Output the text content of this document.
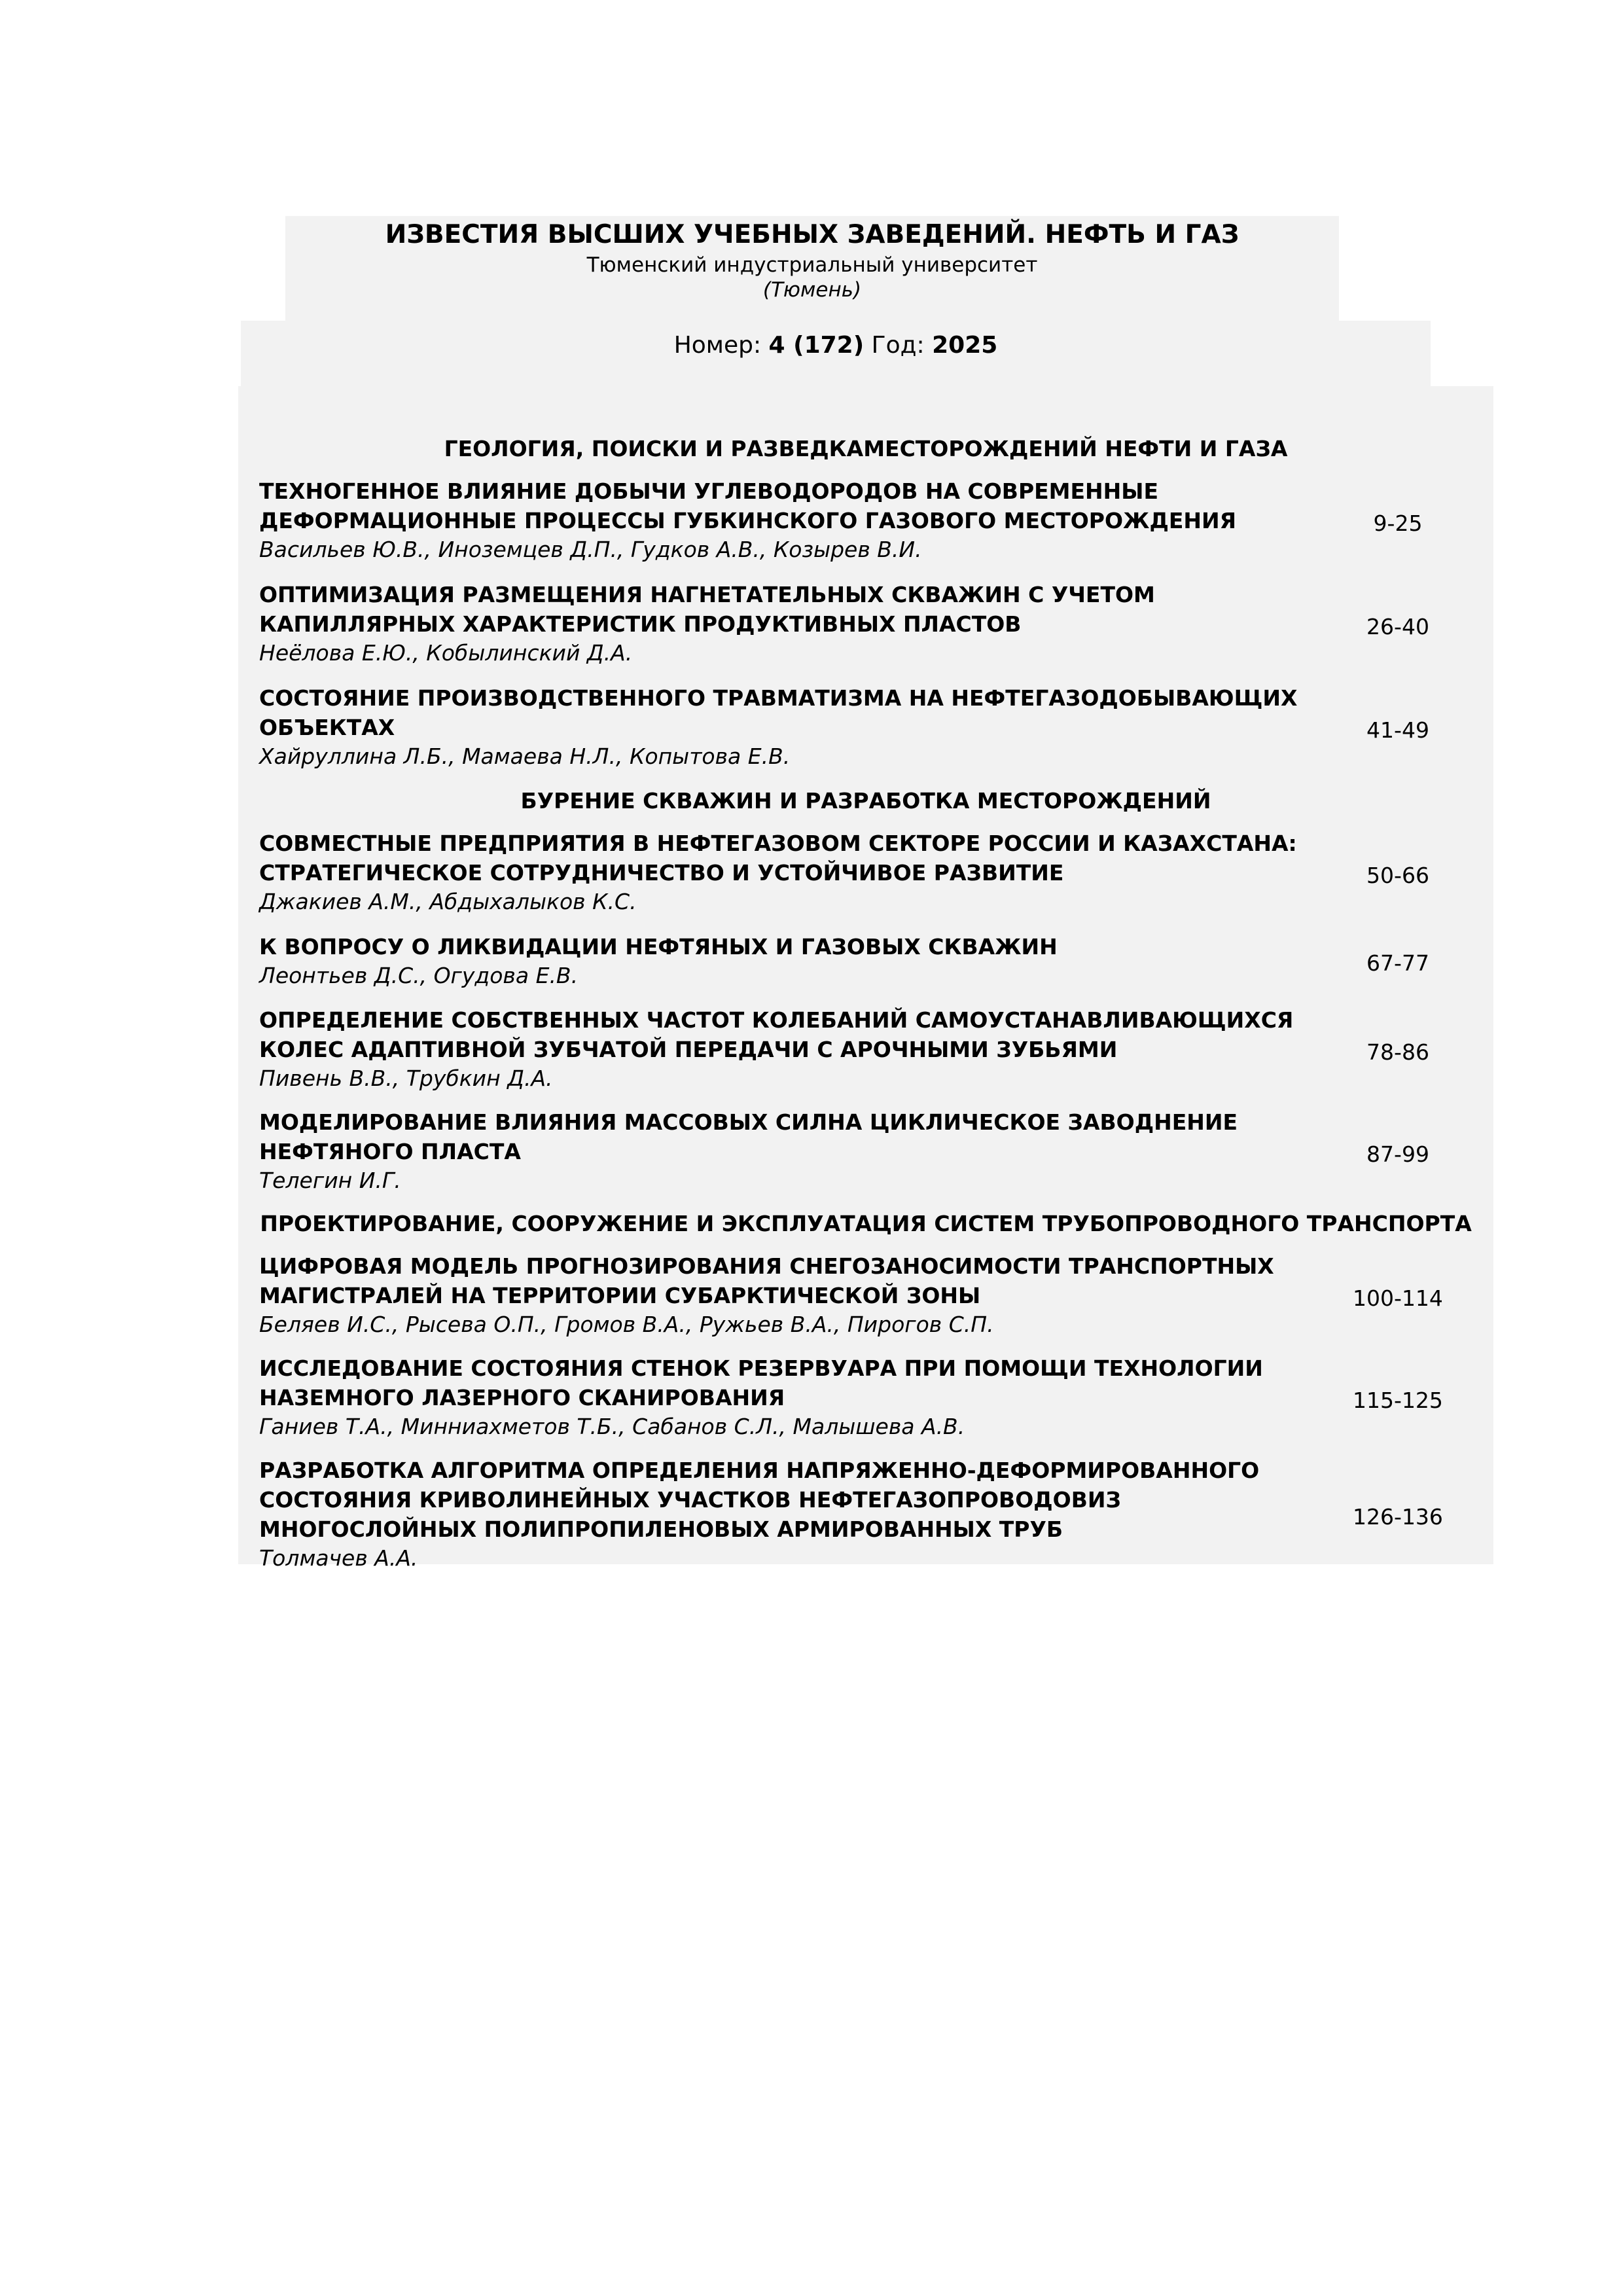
ИЗВЕСТИЯ ВЫСШИХ УЧЕБНЫХ ЗАВЕДЕНИЙ. НЕФТЬ И ГАЗ
Тюменский индустриальный университет
(Тюмень)
Номер: 4 (172) Год: 2025
ГЕОЛОГИЯ, ПОИСКИ И РАЗВЕДКАМЕСТОРОЖДЕНИЙ НЕФТИ И ГАЗА
ТЕХНОГЕННОЕ ВЛИЯНИЕ ДОБЫЧИ УГЛЕВОДОРОДОВ НА СОВРЕМЕННЫЕ ДЕФОРМАЦИОННЫЕ ПРОЦЕССЫ ГУБКИНСКОГО ГАЗОВОГО МЕСТОРОЖДЕНИЯ
Васильев Ю.В., Иноземцев Д.П., Гудков А.В., Козырев В.И.
9-25
ОПТИМИЗАЦИЯ РАЗМЕЩЕНИЯ НАГНЕТАТЕЛЬНЫХ СКВАЖИН С УЧЕТОМ КАПИЛЛЯРНЫХ ХАРАКТЕРИСТИК ПРОДУКТИВНЫХ ПЛАСТОВ
Неёлова Е.Ю., Кобылинский Д.А.
26-40
СОСТОЯНИЕ ПРОИЗВОДСТВЕННОГО ТРАВМАТИЗМА НА НЕФТЕГАЗОДОБЫВАЮЩИХ ОБЪЕКТАХ
Хайруллина Л.Б., Мамаева Н.Л., Копытова Е.В.
41-49
БУРЕНИЕ СКВАЖИН И РАЗРАБОТКА МЕСТОРОЖДЕНИЙ
СОВМЕСТНЫЕ ПРЕДПРИЯТИЯ В НЕФТЕГАЗОВОМ СЕКТОРЕ РОССИИ И КАЗАХСТАНА: СТРАТЕГИЧЕСКОЕ СОТРУДНИЧЕСТВО И УСТОЙЧИВОЕ РАЗВИТИЕ
Джакиев А.М., Абдыхалыков К.С.
50-66
К ВОПРОСУ О ЛИКВИДАЦИИ НЕФТЯНЫХ И ГАЗОВЫХ СКВАЖИН
Леонтьев Д.С., Огудова Е.В.	67-77
ОПРЕДЕЛЕНИЕ СОБСТВЕННЫХ ЧАСТОТ КОЛЕБАНИЙ САМОУСТАНАВЛИВАЮЩИХСЯ КОЛЕС АДАПТИВНОЙ ЗУБЧАТОЙ ПЕРЕДАЧИ С АРОЧНЫМИ ЗУБЬЯМИ
Пивень В.В., Трубкин Д.А.
78-86
МОДЕЛИРОВАНИЕ ВЛИЯНИЯ МАССОВЫХ СИЛНА ЦИКЛИЧЕСКОЕ ЗАВОДНЕНИЕ НЕФТЯНОГО ПЛАСТА
Телегин И.Г.
87-99
ПРОЕКТИРОВАНИЕ, СООРУЖЕНИЕ И ЭКСПЛУАТАЦИЯ СИСТЕМ ТРУБОПРОВОДНОГО ТРАНСПОРТА
ЦИФРОВАЯ МОДЕЛЬ ПРОГНОЗИРОВАНИЯ СНЕГОЗАНОСИМОСТИ ТРАНСПОРТНЫХ МАГИСТРАЛЕЙ НА ТЕРРИТОРИИ СУБАРКТИЧЕСКОЙ ЗОНЫ
Беляев И.С., Рысева О.П., Громов В.А., Ружьев В.А., Пирогов С.П.
100-114
ИССЛЕДОВАНИЕ СОСТОЯНИЯ СТЕНОК РЕЗЕРВУАРА ПРИ ПОМОЩИ ТЕХНОЛОГИИ НАЗЕМНОГО ЛАЗЕРНОГО СКАНИРОВАНИЯ
Ганиев Т.А., Минниахметов Т.Б., Сабанов С.Л., Малышева А.В.
115-125
РАЗРАБОТКА АЛГОРИТМА ОПРЕДЕЛЕНИЯ НАПРЯЖЕННО-ДЕФОРМИРОВАННОГО СОСТОЯНИЯ КРИВОЛИНЕЙНЫХ УЧАСТКОВ НЕФТЕГАЗОПРОВОДОВИЗ МНОГОСЛОЙНЫХ ПОЛИПРОПИЛЕНОВЫХ АРМИРОВАННЫХ ТРУБ
Толмачев А.А.
126-136
